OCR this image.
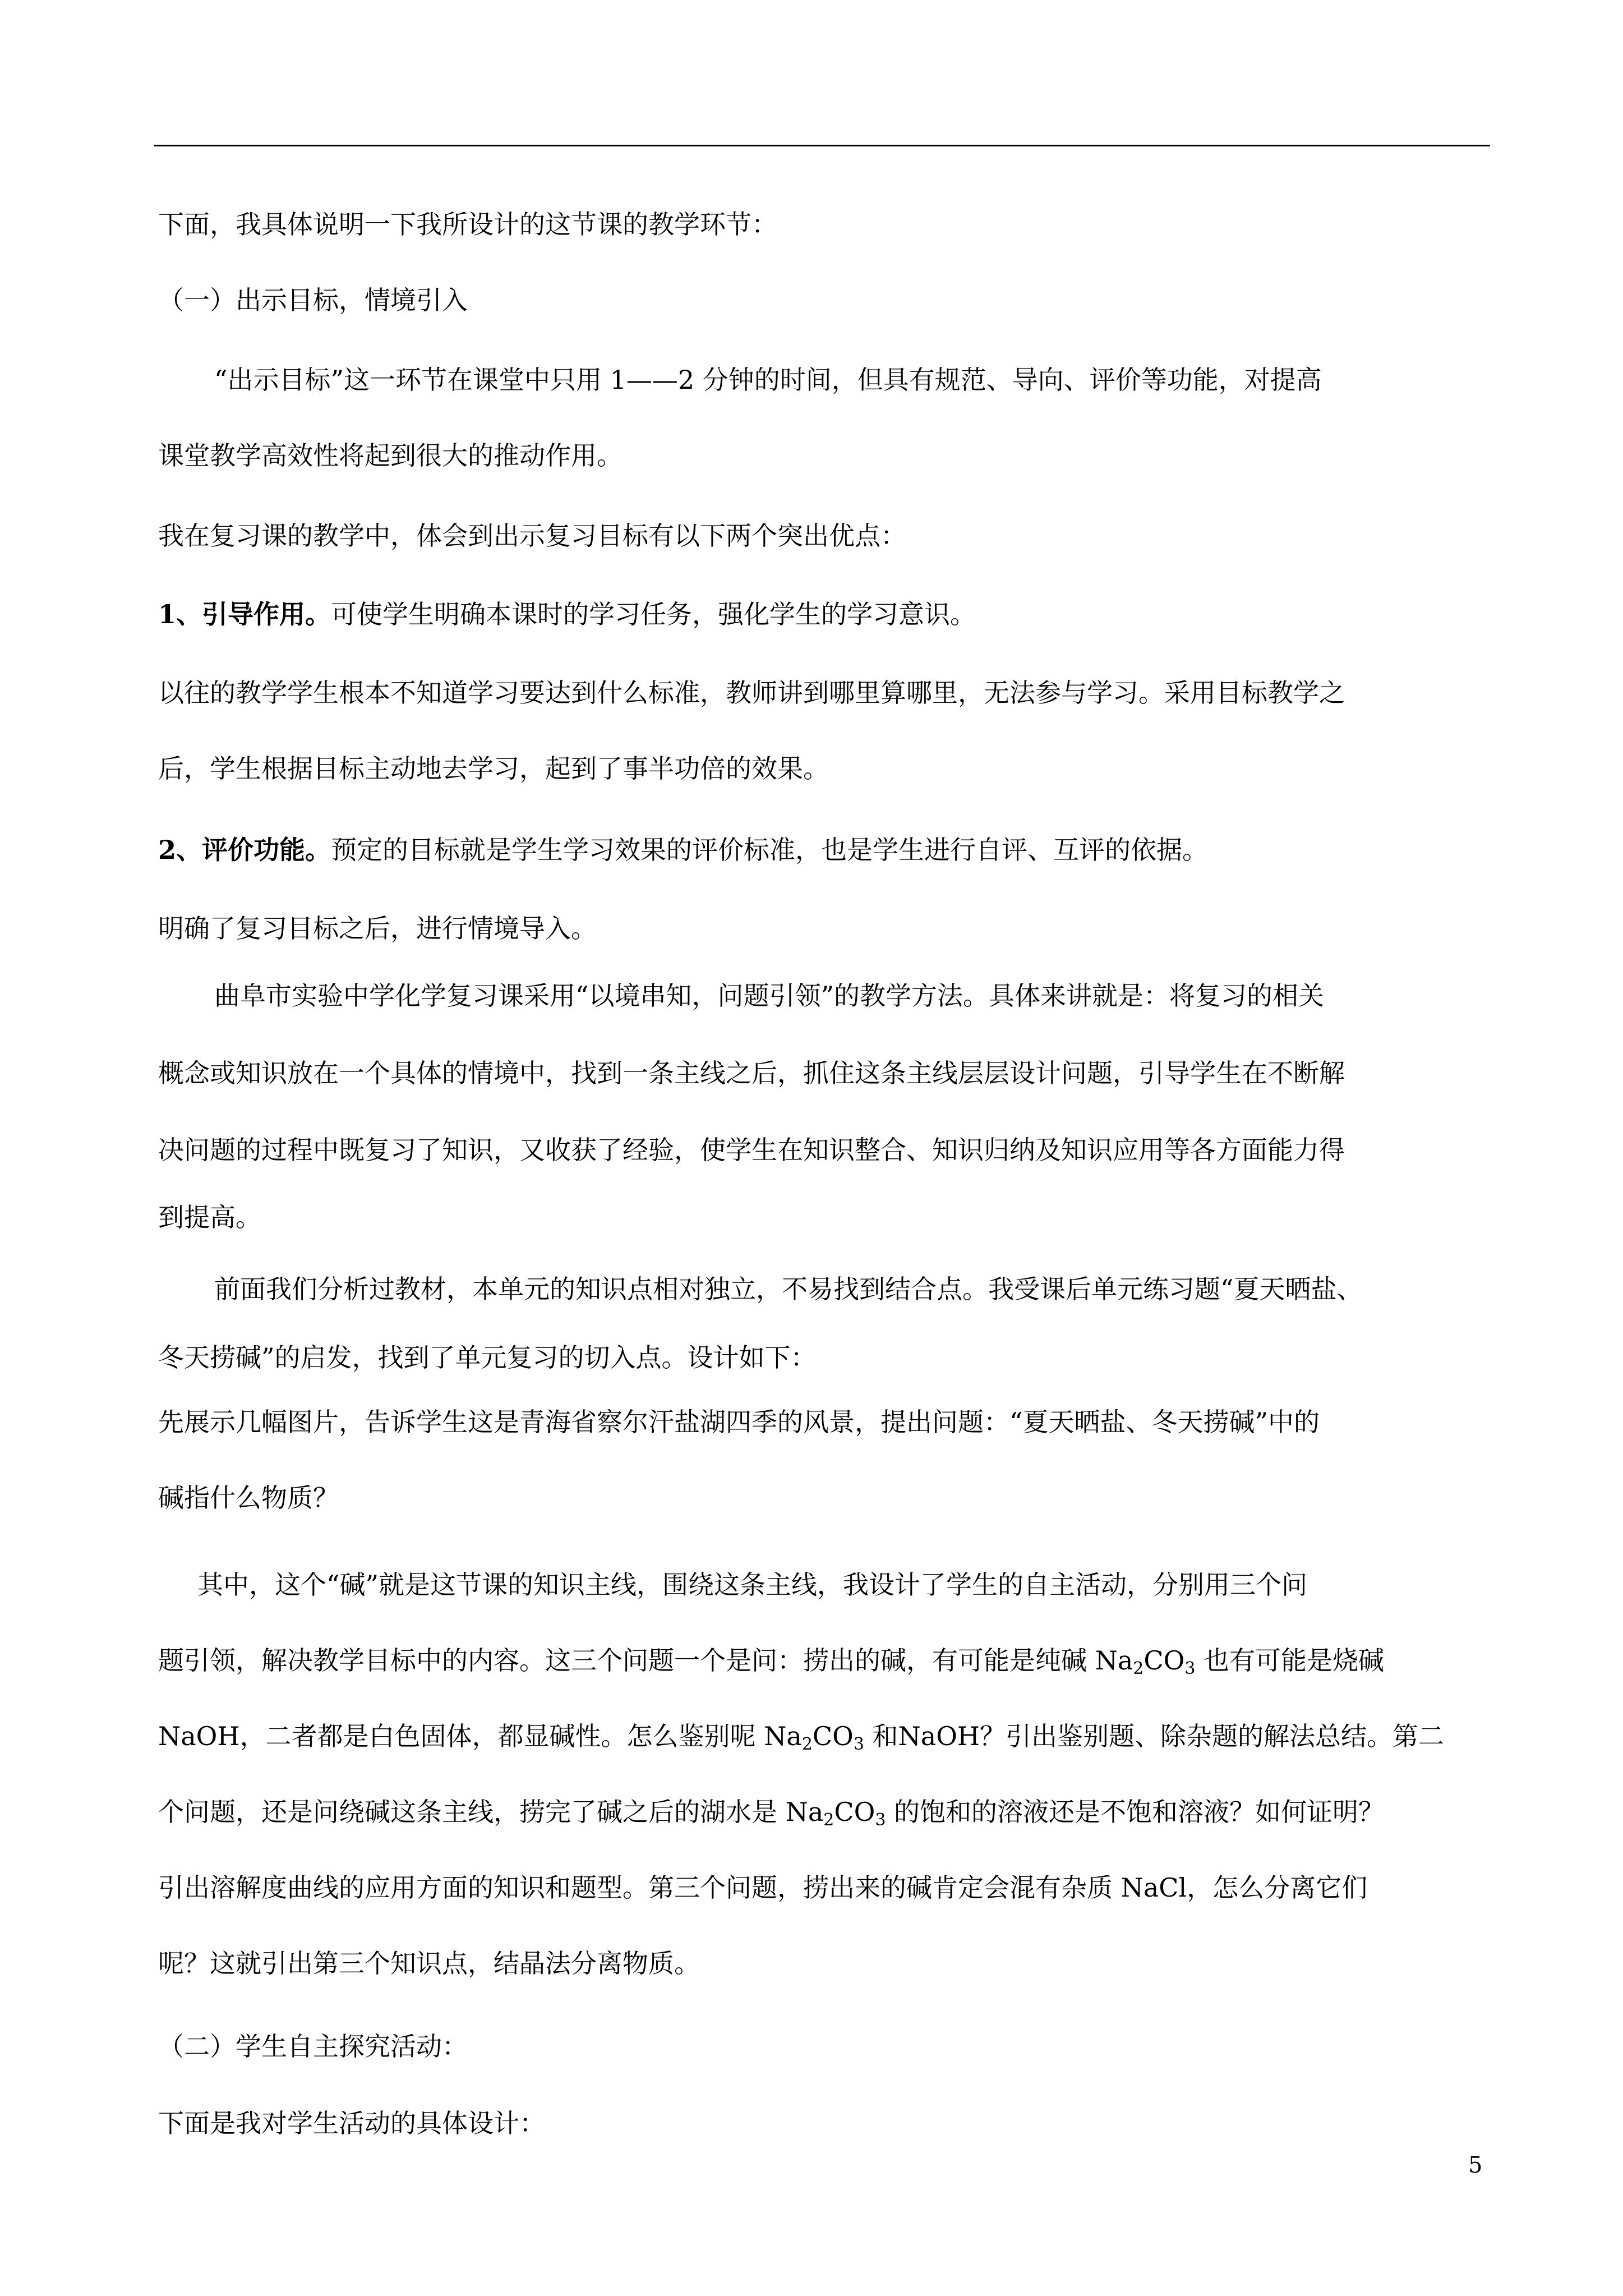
下面，我具体说明一下我所设计的这节课的教学环节：
（一）出示目标，情境引入
“出示目标”这一环节在课堂中只用 1——2 分钟的时间，但具有规范、导向、评价等功能，对提高
课堂教学高效性将起到很大的推动作用。
我在复习课的教学中，体会到出示复习目标有以下两个突出优点：
1、引导作用。可使学生明确本课时的学习任务，强化学生的学习意识。
以往的教学学生根本不知道学习要达到什么标准，教师讲到哪里算哪里，无法参与学习。采用目标教学之
后，学生根据目标主动地去学习，起到了事半功倍的效果。
2、评价功能。预定的目标就是学生学习效果的评价标准，也是学生进行自评、互评的依据。
明确了复习目标之后，进行情境导入。
曲阜市实验中学化学复习课采用“以境串知，问题引领”的教学方法。具体来讲就是：将复习的相关
概念或知识放在一个具体的情境中，找到一条主线之后，抓住这条主线层层设计问题，引导学生在不断解
决问题的过程中既复习了知识，又收获了经验，使学生在知识整合、知识归纳及知识应用等各方面能力得
到提高。
前面我们分析过教材，本单元的知识点相对独立，不易找到结合点。我受课后单元练习题“夏天晒盐、
冬天捞碱”的启发，找到了单元复习的切入点。设计如下：
先展示几幅图片，告诉学生这是青海省察尔汗盐湖四季的风景，提出问题：“夏天晒盐、冬天捞碱”中的
碱指什么物质？
其中，这个“碱”就是这节课的知识主线，围绕这条主线，我设计了学生的自主活动，分别用三个问
题引领，解决教学目标中的内容。这三个问题一个是问：捞出的碱，有可能是纯碱 $Na_2CO_3$ 也有可能是烧碱
NaOH，二者都是白色固体，都显碱性。怎么鉴别呢 $Na_2CO_3$ 和NaOH？引出鉴别题、除杂题的解法总结。第二
个问题，还是问绕碱这条主线，捞完了碱之后的湖水是 $Na_2CO_3$ 的饱和的溶液还是不饱和溶液？如何证明？
引出溶解度曲线的应用方面的知识和题型。第三个问题，捞出来的碱肯定会混有杂质 NaCl，怎么分离它们
呢？这就引出第三个知识点，结晶法分离物质。
（二）学生自主探究活动：
下面是我对学生活动的具体设计：
5
